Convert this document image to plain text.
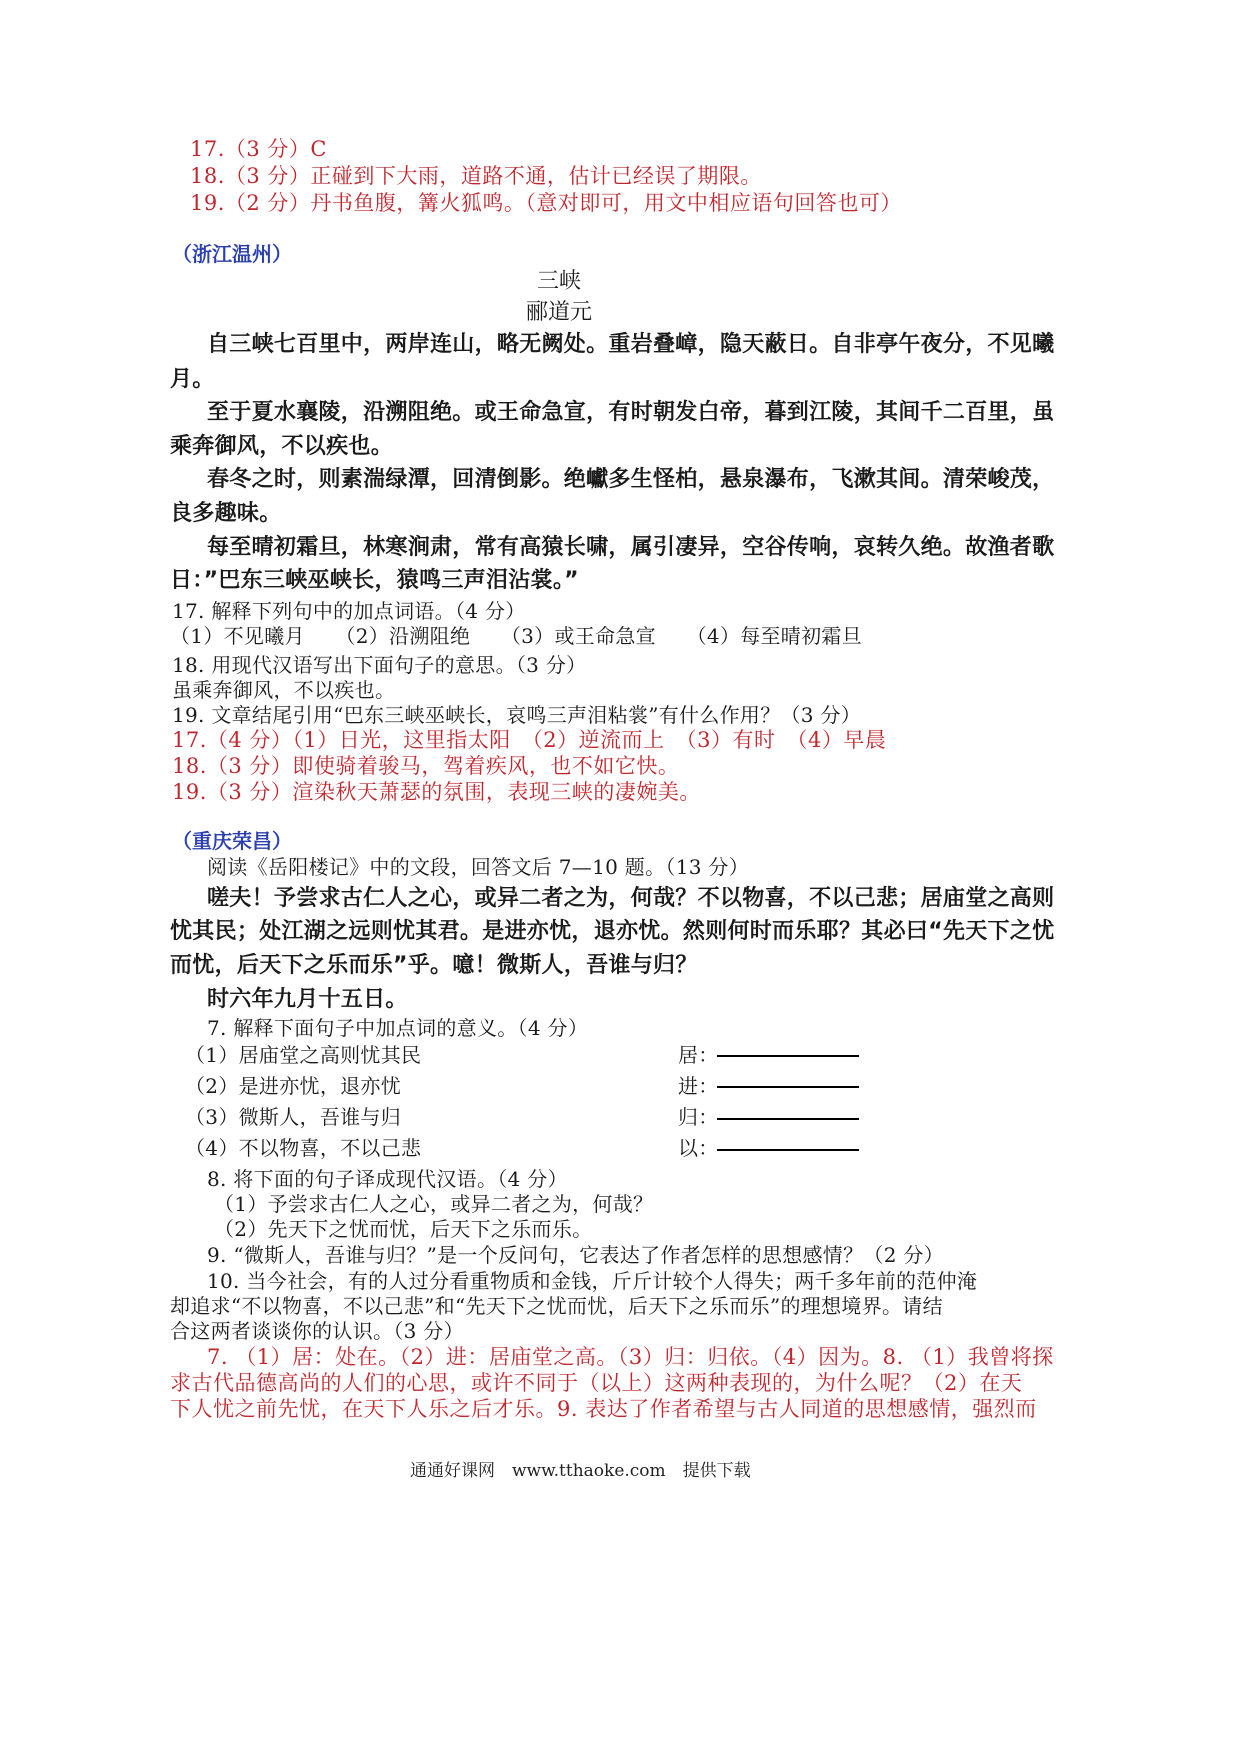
17.（3 分）C
18.（3 分）正碰到下大雨，道路不通，估计已经误了期限。
19.（2 分）丹书鱼腹，篝火狐鸣。（意对即可，用文中相应语句回答也可）
（浙江温州）
三峡
郦道元
自三峡七百里中，两岸连山，略无阙处。重岩叠嶂，隐天蔽日。自非亭午夜分，不见曦
月。
至于夏水襄陵，沿溯阻绝。或王命急宣，有时朝发白帝，暮到江陵，其间千二百里，虽
乘奔御风，不以疾也。
春冬之时，则素湍绿潭，回清倒影。绝巘多生怪柏，悬泉瀑布，飞漱其间。清荣峻茂，
良多趣味。
每至晴初霜旦，林寒涧肃，常有高猿长啸，属引凄异，空谷传响，哀转久绝。故渔者歌
日：”巴东三峡巫峡长，猿鸣三声泪沾裳。”
17. 解释下列句中的加点词语。（4 分）
（1）不见曦月　　（2）沿溯阻绝　　（3）或王命急宣　　（4）每至晴初霜旦
18. 用现代汉语写出下面句子的意思。（3 分）
虽乘奔御风，不以疾也。
19. 文章结尾引用“巴东三峡巫峡长，哀鸣三声泪粘裳”有什么作用？（3 分）
17.（4 分）（1）日光，这里指太阳　（2）逆流而上　（3）有时　（4）早晨
18.（3 分）即使骑着骏马，驾着疾风，也不如它快。
19.（3 分）渲染秋天萧瑟的氛围，表现三峡的凄婉美。
（重庆荣昌）
阅读《岳阳楼记》中的文段，回答文后 7—10 题。（13 分）
嗟夫！予尝求古仁人之心，或异二者之为，何哉？不以物喜，不以己悲；居庙堂之高则
忧其民；处江湖之远则忧其君。是进亦忧，退亦忧。然则何时而乐耶？其必曰“先天下之忧
而忧，后天下之乐而乐”乎。噫！微斯人，吾谁与归？
时六年九月十五日。
7. 解释下面句子中加点词的意义。（4 分）
（1）居庙堂之高则忧其民	居：
（2）是进亦忧，退亦忧	进：
（3）微斯人，吾谁与归	归：
（4）不以物喜，不以己悲	以：
8. 将下面的句子译成现代汉语。（4 分）
（1）予尝求古仁人之心，或异二者之为，何哉？
（2）先天下之忧而忧，后天下之乐而乐。
9. “微斯人，吾谁与归？”是一个反问句，它表达了作者怎样的思想感情？（2 分）
10. 当今社会，有的人过分看重物质和金钱，斤斤计较个人得失；两千多年前的范仲淹
却追求“不以物喜，不以己悲”和“先天下之忧而忧，后天下之乐而乐”的理想境界。请结
合这两者谈谈你的认识。（3 分）
7. （1）居：处在。（2）进：居庙堂之高。（3）归：归依。（4）因为。8. （1）我曾将探
求古代品德高尚的人们的心思，或许不同于（以上）这两种表现的，为什么呢？（2）在天
下人忧之前先忧，在天下人乐之后才乐。9. 表达了作者希望与古人同道的思想感情，强烈而
通通好课网　www.tthaoke.com　提供下载
